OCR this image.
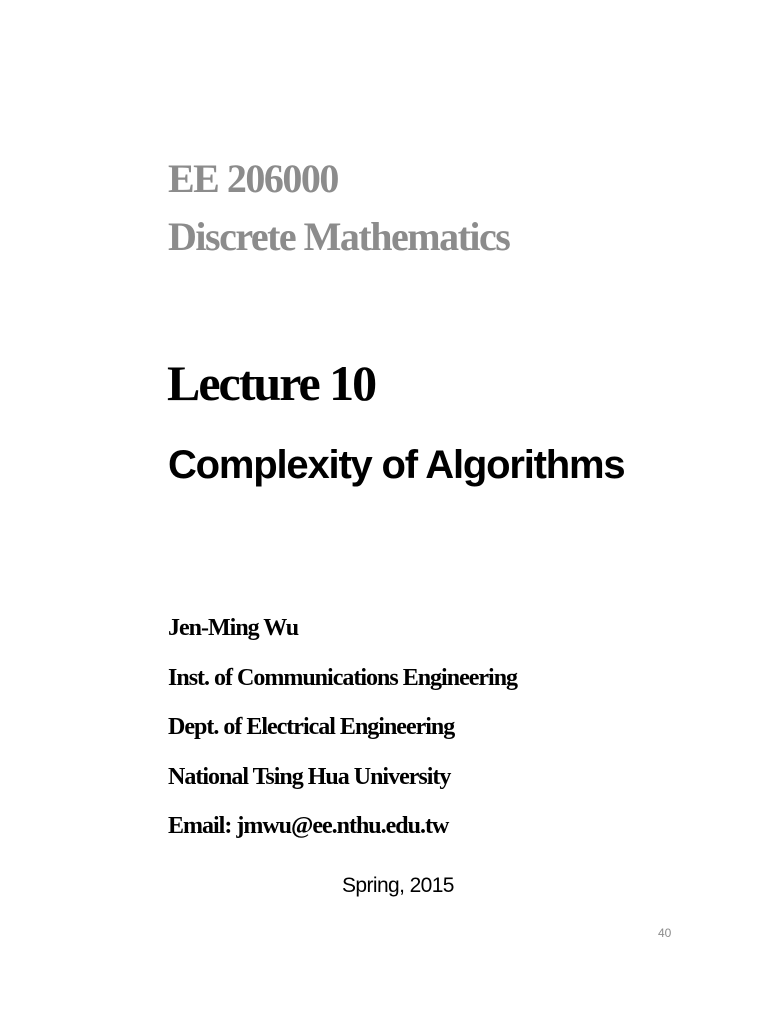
EE 206000
Discrete Mathematics
Lecture 10
Complexity of Algorithms
Jen-Ming Wu
Inst. of Communications Engineering
Dept. of Electrical Engineering
National Tsing Hua University
Email: jmwu@ee.nthu.edu.tw
Spring, 2015
40
